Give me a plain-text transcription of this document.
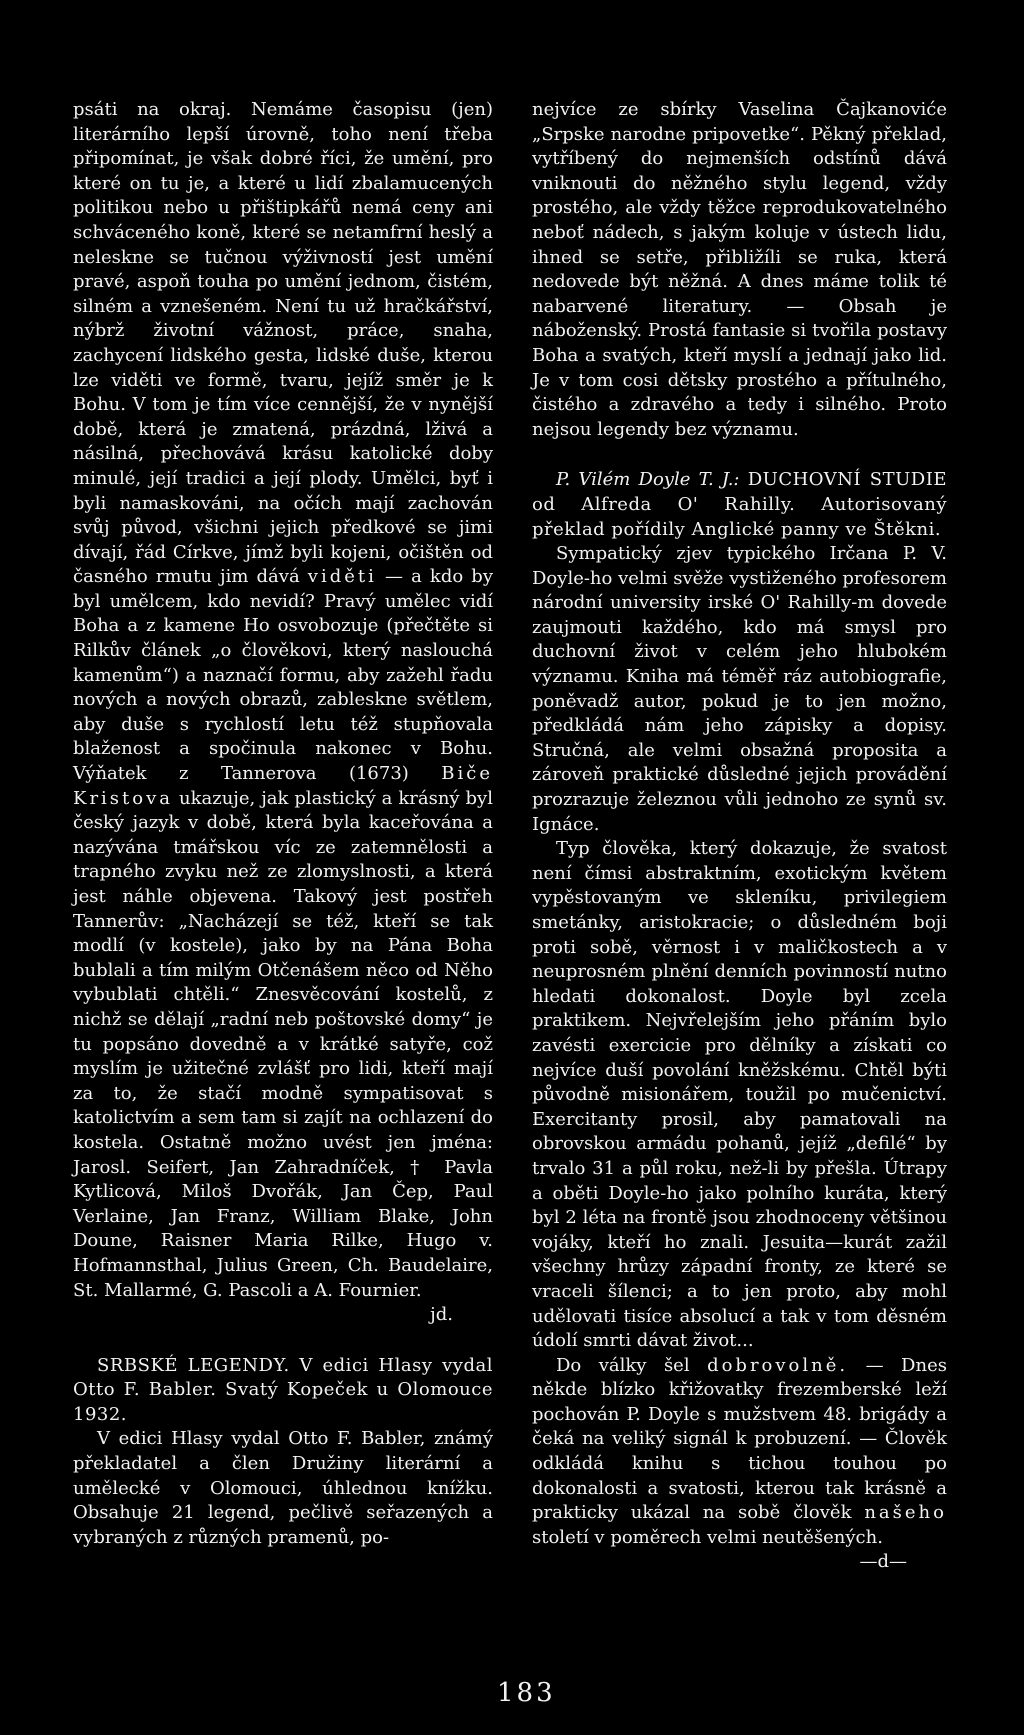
psáti na okraj. Nemáme časopisu (jen) literárního lepší úrovně, toho není třeba připomínat, je však dobré říci, že umění, pro které on tu je, a které u lidí zbalamucených politikou nebo u přištipkářů nemá ceny ani schváceného koně, které se netamfrní heslý a neleskne se tučnou výživností jest umění pravé, aspoň touha po umění jednom, čistém, silném a vznešeném. Není tu už hračkářství, nýbrž životní vážnost, práce, snaha, zachycení lidského gesta, lidské duše, kterou lze viděti ve formě, tvaru, jejíž směr je k Bohu. V tom je tím více cennější, že v nynější době, která je zmatená, prázdná, lživá a násilná, přechovává krásu katolické doby minulé, její tradici a její plody. Umělci, byť i byli namaskováni, na očích mají zachován svůj původ, všichni jejich předkové se jimi dívají, řád Církve, jímž byli kojeni, očištěn od časného rmutu jim dává viděti — a kdo by byl umělcem, kdo nevidí? Pravý umělec vidí Boha a z kamene Ho osvobozuje (přečtěte si Rilkův článek „o člověkovi, který naslouchá kamenům“) a naznačí formu, aby zažehl řadu nových a nových obrazů, zableskne světlem, aby duše s rychlostí letu též stupňovala blaženost a spočinula nakonec v Bohu. Výňatek z Tannerova (1673) Biče Kristova ukazuje, jak plastický a krásný byl český jazyk v době, která byla kaceřována a nazývána tmářskou víc ze zatemnělosti a trapného zvyku než ze zlomyslnosti, a která jest náhle objevena. Takový jest postřeh Tannerův: „Nacházejí se též, kteří se tak modlí (v kostele), jako by na Pána Boha bublali a tím milým Otčenášem něco od Něho vybublati chtěli.“ Znesvěcování kostelů, z nichž se dělají „radní neb poštovské domy“ je tu popsáno dovedně a v krátké satyře, což myslím je užitečné zvlášť pro lidi, kteří mají za to, že stačí modně sympatisovat s katolictvím a sem tam si zajít na ochlazení do kostela. Ostatně možno uvést jen jména: Jarosl. Seifert, Jan Zahradníček, † Pavla Kytlicová, Miloš Dvořák, Jan Čep, Paul Verlaine, Jan Franz, William Blake, John Doune, Raisner Maria Rilke, Hugo v. Hofmannsthal, Julius Green, Ch. Baudelaire, St. Mallarmé, G. Pascoli a A. Fournier.

jd.

SRBSKÉ LEGENDY. V edici Hlasy vydal Otto F. Babler. Svatý Kopeček u Olomouce 1932.

V edici Hlasy vydal Otto F. Babler, známý překladatel a člen Družiny literární a umělecké v Olomouci, úhlednou knížku. Obsahuje 21 legend, pečlivě seřazených a vybraných z různých pramenů, po-

nejvíce ze sbírky Vaselina Čajkanoviće „Srpske narodne pripovetke“. Pěkný překlad, vytříbený do nejmenších odstínů dává vniknouti do něžného stylu legend, vždy prostého, ale vždy těžce reprodukovatelného neboť nádech, s jakým koluje v ústech lidu, ihned se setře, přibližíli se ruka, která nedovede být něžná. A dnes máme tolik té nabarvené literatury. — Obsah je náboženský. Prostá fantasie si tvořila postavy Boha a svatých, kteří myslí a jednají jako lid. Je v tom cosi dětsky prostého a přítulného, čistého a zdravého a tedy i silného. Proto nejsou legendy bez významu.

P. Vilém Doyle T. J.: DUCHOVNÍ STUDIE od Alfreda O' Rahilly. Autorisovaný překlad pořídily Anglické panny ve Štěkni.

Sympatický zjev typického Irčana P. V. Doyle-ho velmi svěže vystiženého profesorem národní university irské O' Rahilly-m dovede zaujmouti každého, kdo má smysl pro duchovní život v celém jeho hlubokém významu. Kniha má téměř ráz autobiografie, poněvadž autor, pokud je to jen možno, předkládá nám jeho zápisky a dopisy. Stručná, ale velmi obsažná proposita a zároveň praktické důsledné jejich provádění prozrazuje železnou vůli jednoho ze synů sv. Ignáce.

Typ člověka, který dokazuje, že svatost není čímsi abstraktním, exotickým květem vypěstovaným ve skleníku, privilegiem smetánky, aristokracie; o důsledném boji proti sobě, věrnost i v maličkostech a v neuprosném plnění denních povinností nutno hledati dokonalost. Doyle byl zcela praktikem. Nejvřelejším jeho přáním bylo zavésti exercicie pro dělníky a získati co nejvíce duší povolání kněžskému. Chtěl býti původně misionářem, toužil po mučenictví. Exercitanty prosil, aby pamatovali na obrovskou armádu pohanů, jejíž „defilé“ by trvalo 31 a půl roku, než-li by přešla. Útrapy a oběti Doyle-ho jako polního kuráta, který byl 2 léta na frontě jsou zhodnoceny většinou vojáky, kteří ho znali. Jesuita—kurát zažil všechny hrůzy západní fronty, ze které se vraceli šílenci; a to jen proto, aby mohl udělovati tisíce absolucí a tak v tom děsném údolí smrti dávat život...

Do války šel dobrovolně. — Dnes někde blízko křižovatky frezemberské leží pochován P. Doyle s mužstvem 48. brigády a čeká na veliký signál k probuzení. — Člověk odkládá knihu s tichou touhou po dokonalosti a svatosti, kterou tak krásně a prakticky ukázal na sobě člověk našeho století v poměrech velmi neutěšených.

—d—

183
